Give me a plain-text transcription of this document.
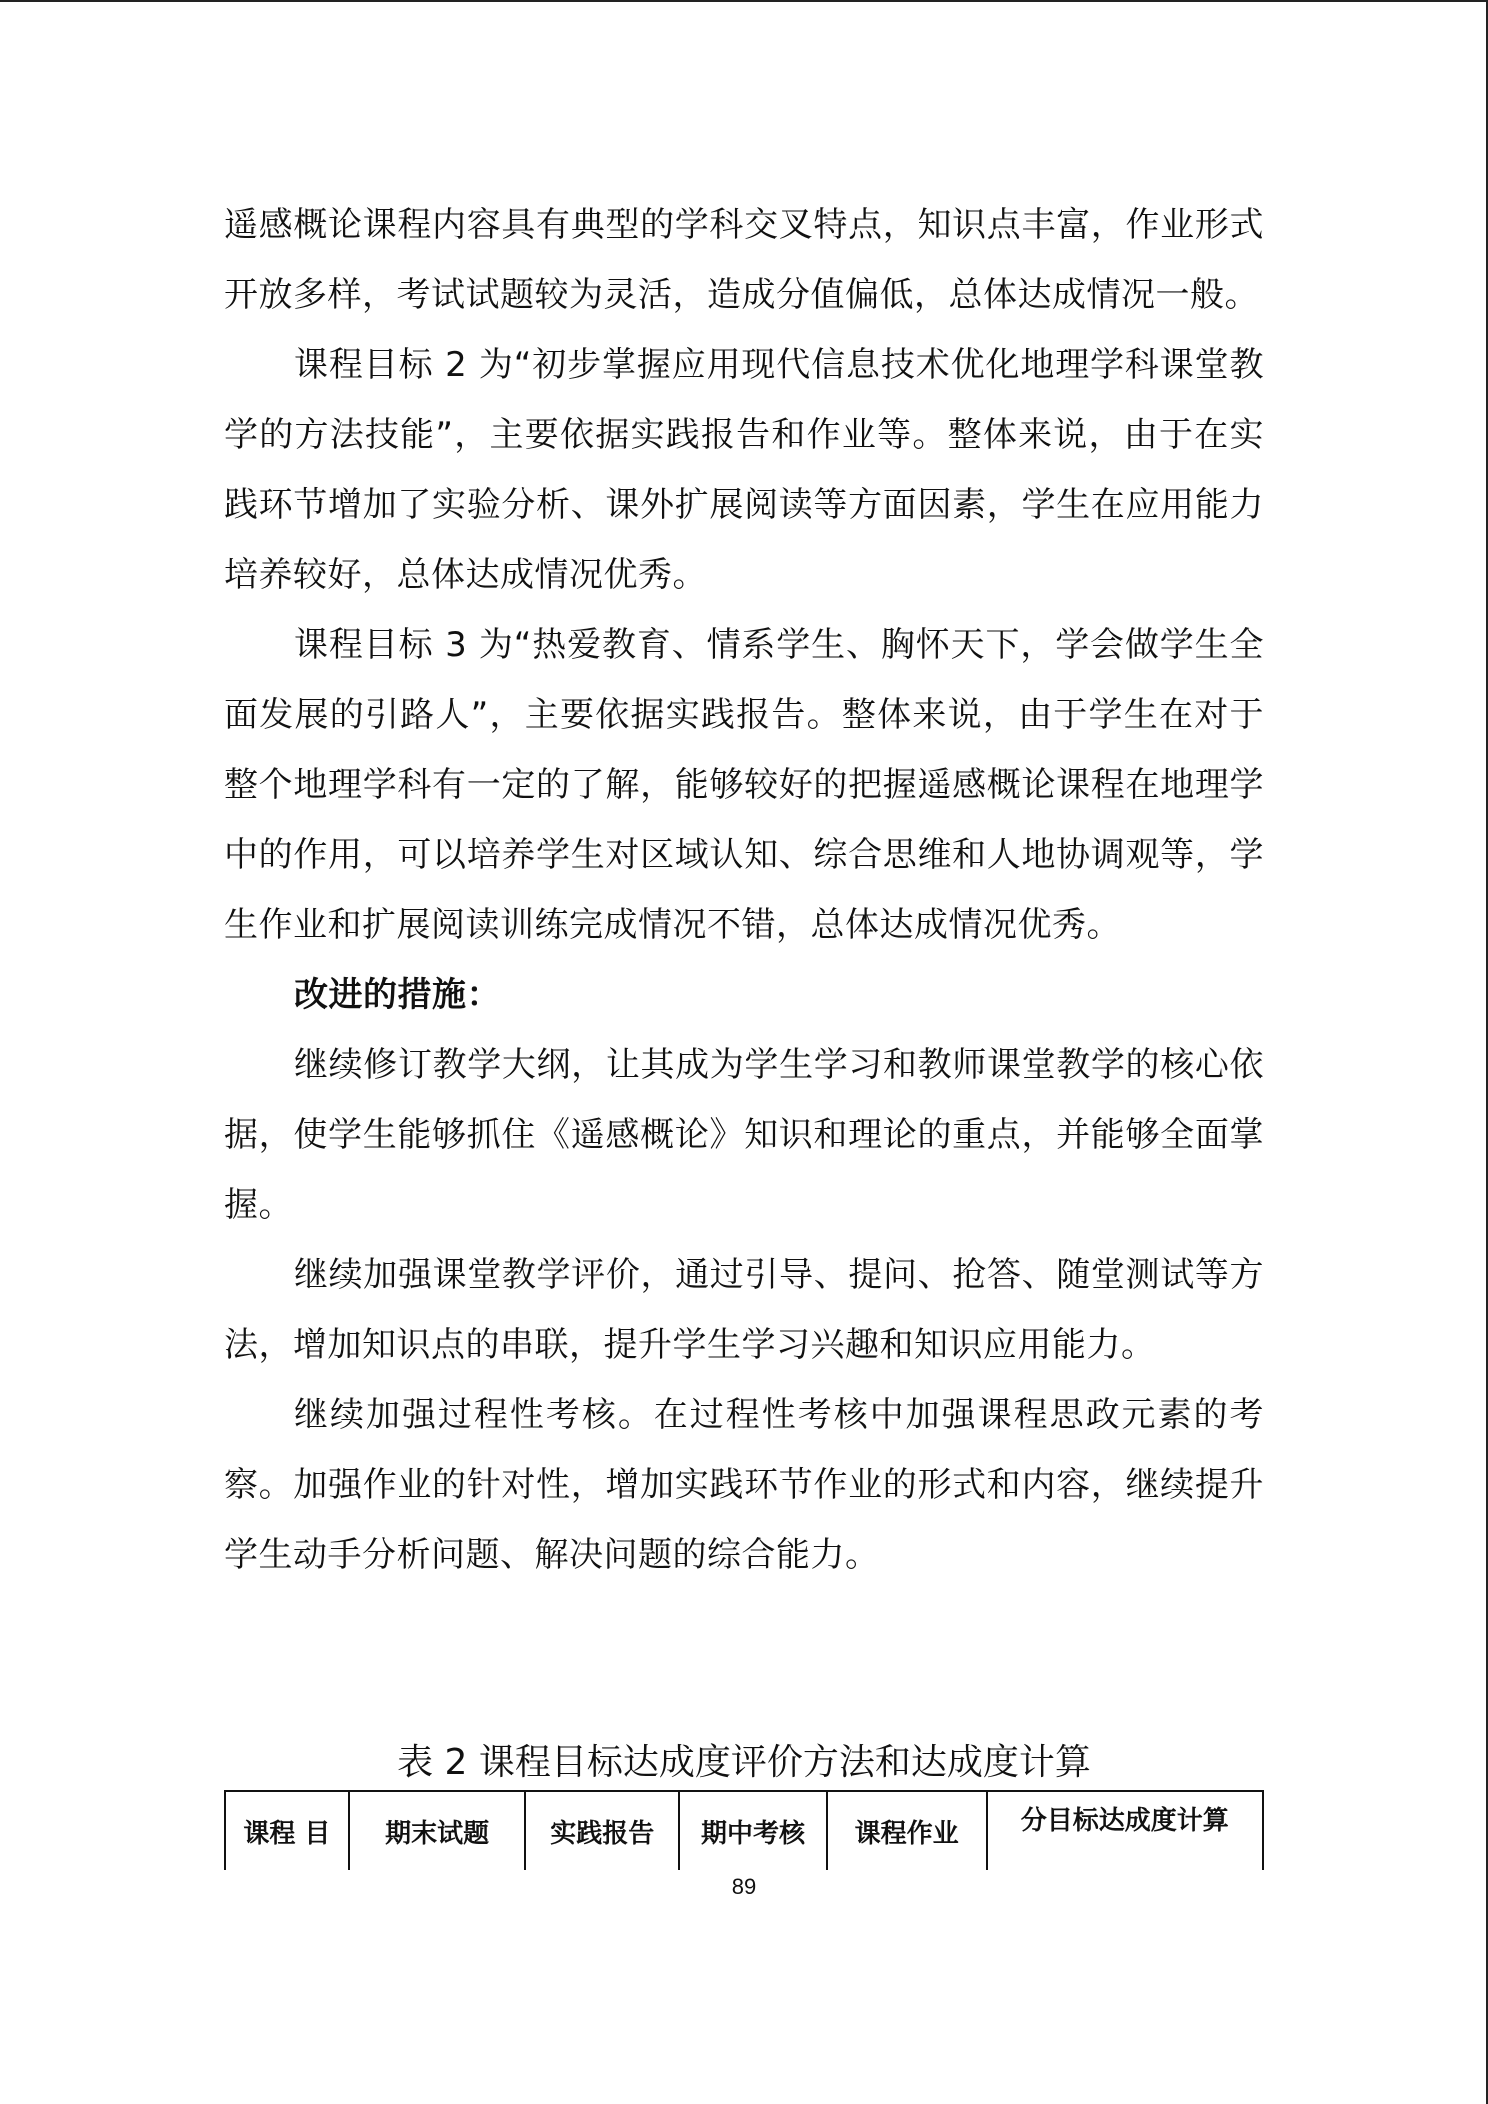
遥感概论课程内容具有典型的学科交叉特点，知识点丰富，作业形式开放多样，考试试题较为灵活，造成分值偏低，总体达成情况一般。

课程目标 2 为“初步掌握应用现代信息技术优化地理学科课堂教学的方法技能”，主要依据实践报告和作业等。整体来说，由于在实践环节增加了实验分析、课外扩展阅读等方面因素，学生在应用能力培养较好，总体达成情况优秀。

课程目标 3 为“热爱教育、情系学生、胸怀天下，学会做学生全面发展的引路人”，主要依据实践报告。整体来说，由于学生在对于整个地理学科有一定的了解，能够较好的把握遥感概论课程在地理学中的作用，可以培养学生对区域认知、综合思维和人地协调观等，学生作业和扩展阅读训练完成情况不错，总体达成情况优秀。

改进的措施：

继续修订教学大纲，让其成为学生学习和教师课堂教学的核心依据，使学生能够抓住《遥感概论》知识和理论的重点，并能够全面掌握。

继续加强课堂教学评价，通过引导、提问、抢答、随堂测试等方法，增加知识点的串联，提升学生学习兴趣和知识应用能力。

继续加强过程性考核。在过程性考核中加强课程思政元素的考察。加强作业的针对性，增加实践环节作业的形式和内容，继续提升学生动手分析问题、解决问题的综合能力。

表 2 课程目标达成度评价方法和达成度计算
课程 目	期末试题	实践报告	期中考核	课程作业	分目标达成度计算
89
